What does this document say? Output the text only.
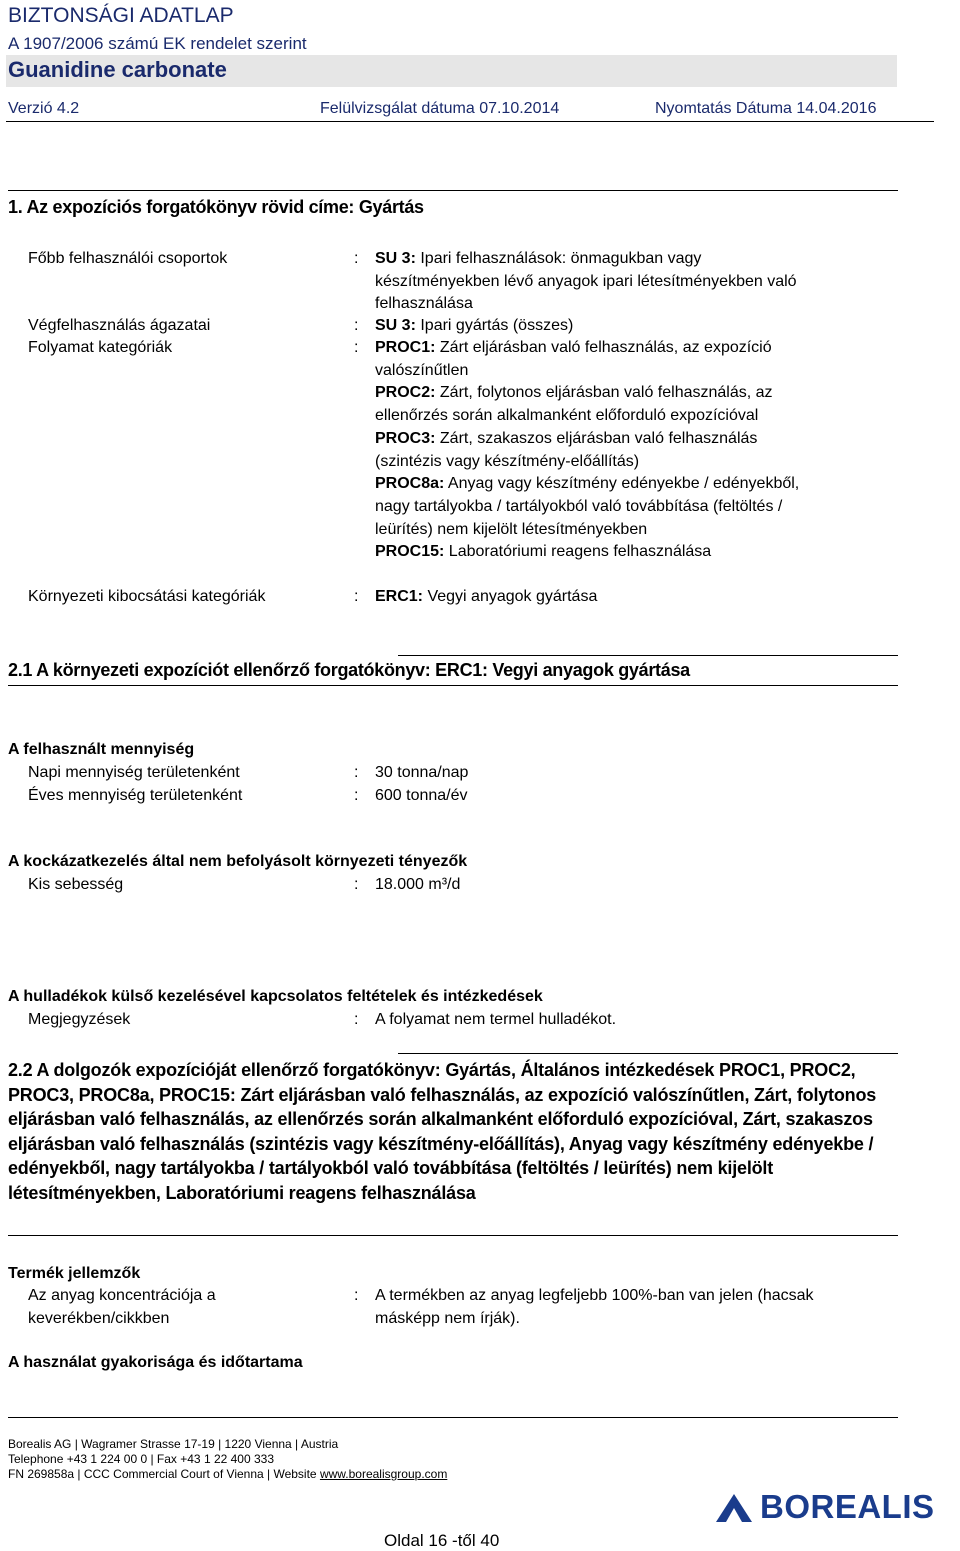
BIZTONSÁGI ADATLAP
A 1907/2006 számú EK rendelet szerint
Guanidine carbonate
Verzió 4.2	Felülvizsgálat dátuma 07.10.2014	Nyomtatás Dátuma 14.04.2016
1. Az expozíciós forgatókönyv rövid címe: Gyártás
Főbb felhasználói csoportok	: SU 3: Ipari felhasználások: önmagukban vagy
készítményekben lévő anyagok ipari létesítményekben való
felhasználása
Végfelhasználás ágazatai	: SU 3: Ipari gyártás (összes)
Folyamat kategóriák	: PROC1: Zárt eljárásban való felhasználás, az expozíció
valószínűtlen
PROC2: Zárt, folytonos eljárásban való felhasználás, az
ellenőrzés során alkalmanként előforduló expozícióval
PROC3: Zárt, szakaszos eljárásban való felhasználás
(szintézis vagy készítmény-előállítás)
PROC8a: Anyag vagy készítmény edényekbe / edényekből,
nagy tartályokba / tartályokból való továbbítása (feltöltés /
leürítés) nem kijelölt létesítményekben
PROC15: Laboratóriumi reagens felhasználása
Környezeti kibocsátási kategóriák	: ERC1: Vegyi anyagok gyártása
2.1 A környezeti expozíciót ellenőrző forgatókönyv: ERC1: Vegyi anyagok gyártása
A felhasznált mennyiség
Napi mennyiség területenként	: 30 tonna/nap
Éves mennyiség területenként	: 600 tonna/év
A kockázatkezelés által nem befolyásolt környezeti tényezők
Kis sebesség	: 18.000 m³/d
A hulladékok külső kezelésével kapcsolatos feltételek és intézkedések
Megjegyzések	: A folyamat nem termel hulladékot.
2.2 A dolgozók expozícióját ellenőrző forgatókönyv: Gyártás, Általános intézkedések PROC1, PROC2, PROC3, PROC8a, PROC15: Zárt eljárásban való felhasználás, az expozíció valószínűtlen, Zárt, folytonos eljárásban való felhasználás, az ellenőrzés során alkalmanként előforduló expozícióval, Zárt, szakaszos eljárásban való felhasználás (szintézis vagy készítmény-előállítás), Anyag vagy készítmény edényekbe / edényekből, nagy tartályokba / tartályokból való továbbítása (feltöltés / leürítés) nem kijelölt létesítményekben, Laboratóriumi reagens felhasználása
Termék jellemzők
Az anyag koncentrációja a
keverékben/cikkben
: A termékben az anyag legfeljebb 100%-ban van jelen (hacsak
másképp nem írják).
A használat gyakorisága és időtartama
Borealis AG | Wagramer Strasse 17-19 | 1220 Vienna | Austria
Telephone +43 1 224 00 0 | Fax +43 1 22 400 333
FN 269858a | CCC Commercial Court of Vienna | Website www.borealisgroup.com
BOREALIS
Oldal 16 -től 40
